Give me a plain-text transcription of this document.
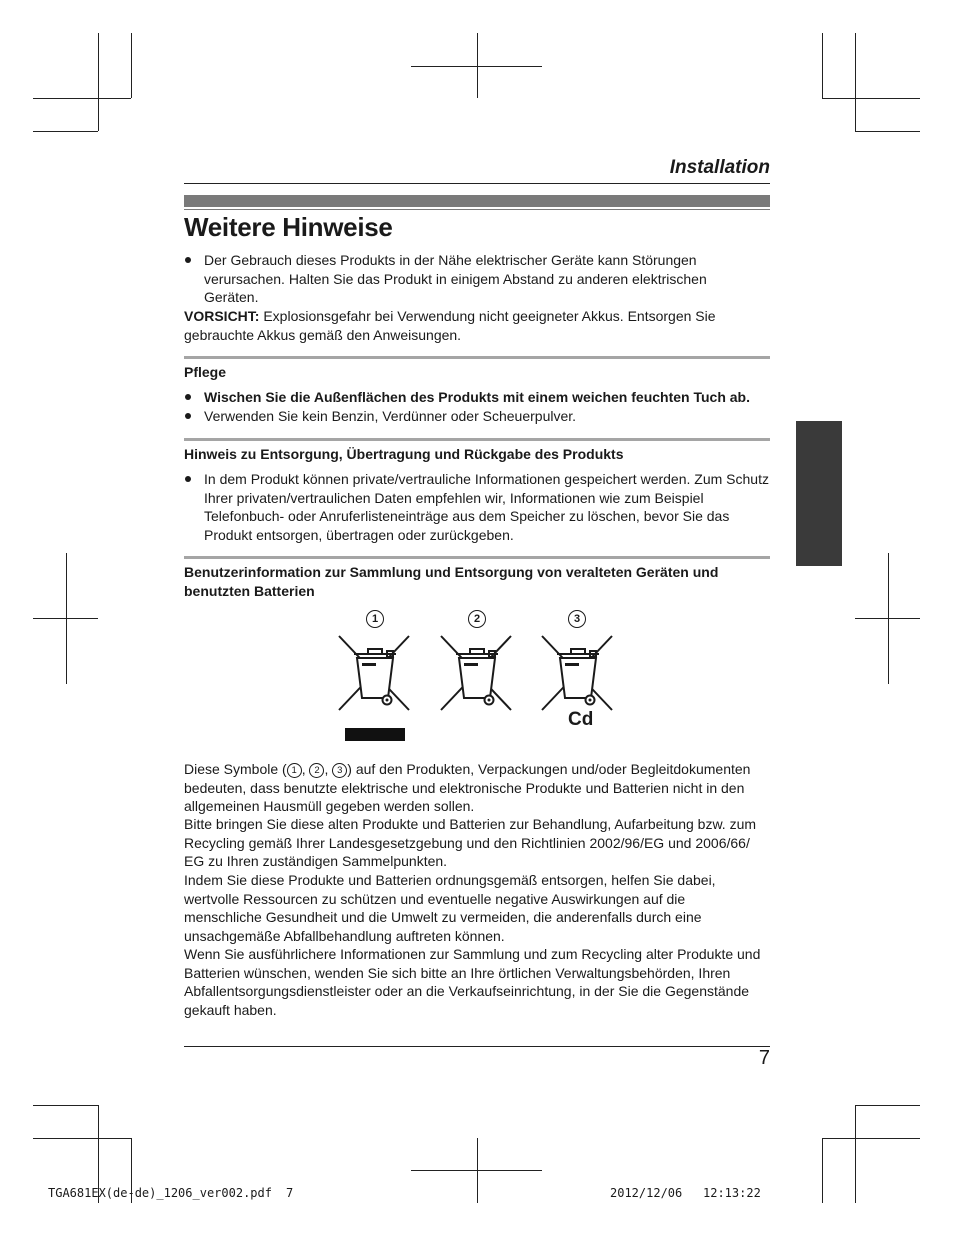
Installation
Weitere Hinweise
Der Gebrauch dieses Produkts in der Nähe elektrischer Geräte kann Störungen verursachen. Halten Sie das Produkt in einigem Abstand zu anderen elektrischen Geräten.
VORSICHT: Explosionsgefahr bei Verwendung nicht geeigneter Akkus. Entsorgen Sie gebrauchte Akkus gemäß den Anweisungen.
Pflege
Wischen Sie die Außenflächen des Produkts mit einem weichen feuchten Tuch ab.
Verwenden Sie kein Benzin, Verdünner oder Scheuerpulver.
Hinweis zu Entsorgung, Übertragung und Rückgabe des Produkts
In dem Produkt können private/vertrauliche Informationen gespeichert werden. Zum Schutz Ihrer privaten/vertraulichen Daten empfehlen wir, Informationen wie zum Beispiel Telefonbuch- oder Anruferlisteneinträge aus dem Speicher zu löschen, bevor Sie das Produkt entsorgen, übertragen oder zurückgeben.
Benutzerinformation zur Sammlung und Entsorgung von veralteten Geräten und benutzten Batterien
1	2	3
Cd
Diese Symbole ( 1 , 2 , 3 ) auf den Produkten, Verpackungen und/oder Begleitdokumenten bedeuten, dass benutzte elektrische und elektronische Produkte und Batterien nicht in den allgemeinen Hausmüll gegeben werden sollen.
Bitte bringen Sie diese alten Produkte und Batterien zur Behandlung, Aufarbeitung bzw. zum Recycling gemäß Ihrer Landesgesetzgebung und den Richtlinien 2002/96/EG und 2006/66/ EG zu Ihren zuständigen Sammelpunkten.
Indem Sie diese Produkte und Batterien ordnungsgemäß entsorgen, helfen Sie dabei, wertvolle Ressourcen zu schützen und eventuelle negative Auswirkungen auf die menschliche Gesundheit und die Umwelt zu vermeiden, die anderenfalls durch eine unsachgemäße Abfallbehandlung auftreten können.
Wenn Sie ausführlichere Informationen zur Sammlung und zum Recycling alter Produkte und Batterien wünschen, wenden Sie sich bitte an Ihre örtlichen Verwaltungsbehörden, Ihren Abfallentsorgungsdienstleister oder an die Verkaufseinrichtung, in der Sie die Gegenstände gekauft haben.
7
TGA681EX(de-de)_1206_ver002.pdf 7	2012/12/06 12:13:22
